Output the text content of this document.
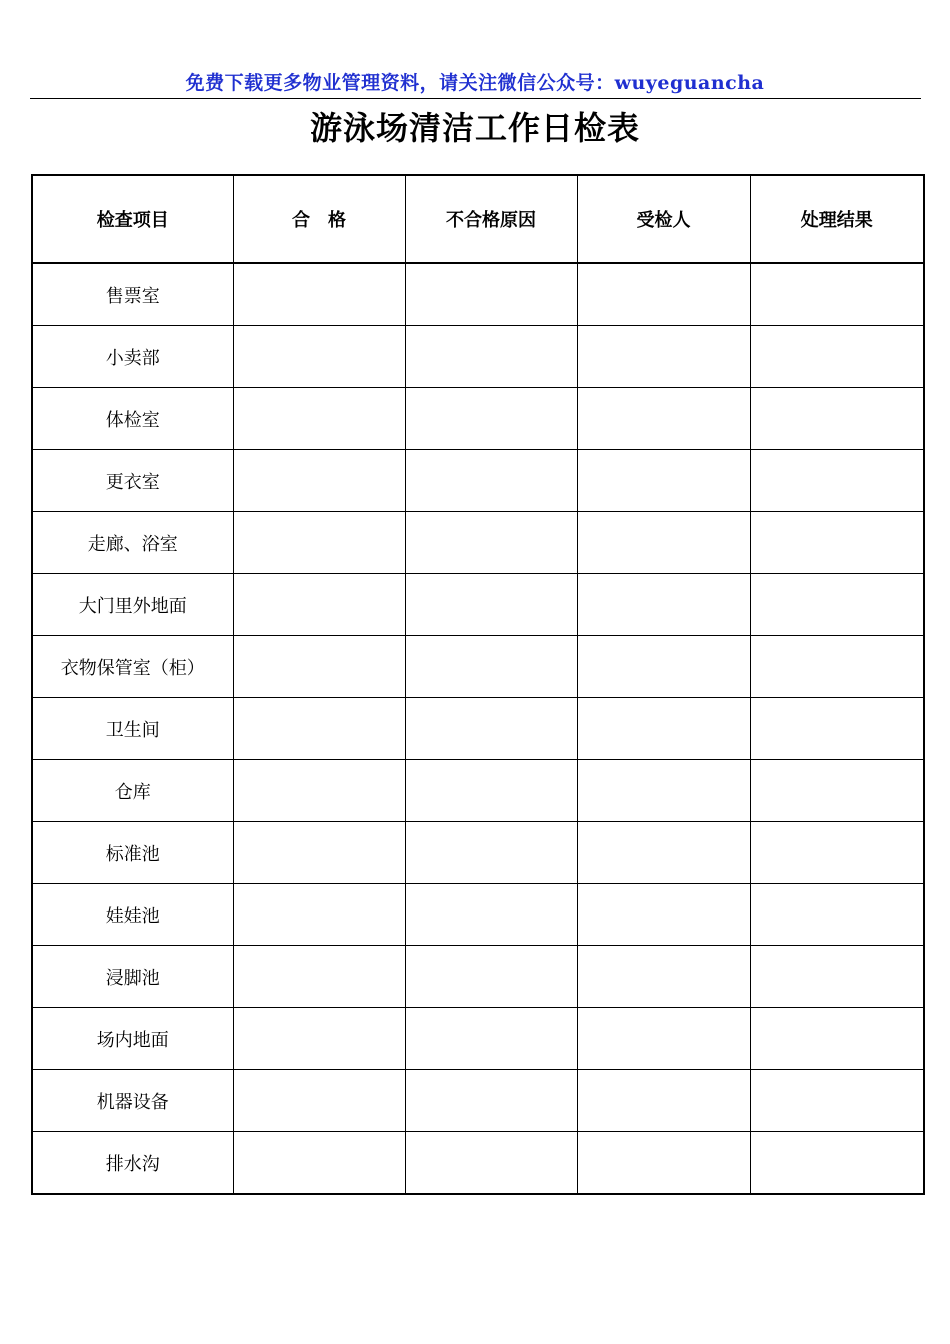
免费下载更多物业管理资料，请关注微信公众号：wuyeguancha
游泳场清洁工作日检表
检查项目	合　格	不合格原因	受检人	处理结果
售票室				
小卖部				
体检室				
更衣室				
走廊、浴室				
大门里外地面				
衣物保管室（柜）				
卫生间				
仓库				
标准池				
娃娃池				
浸脚池				
场内地面				
机器设备				
排水沟				
